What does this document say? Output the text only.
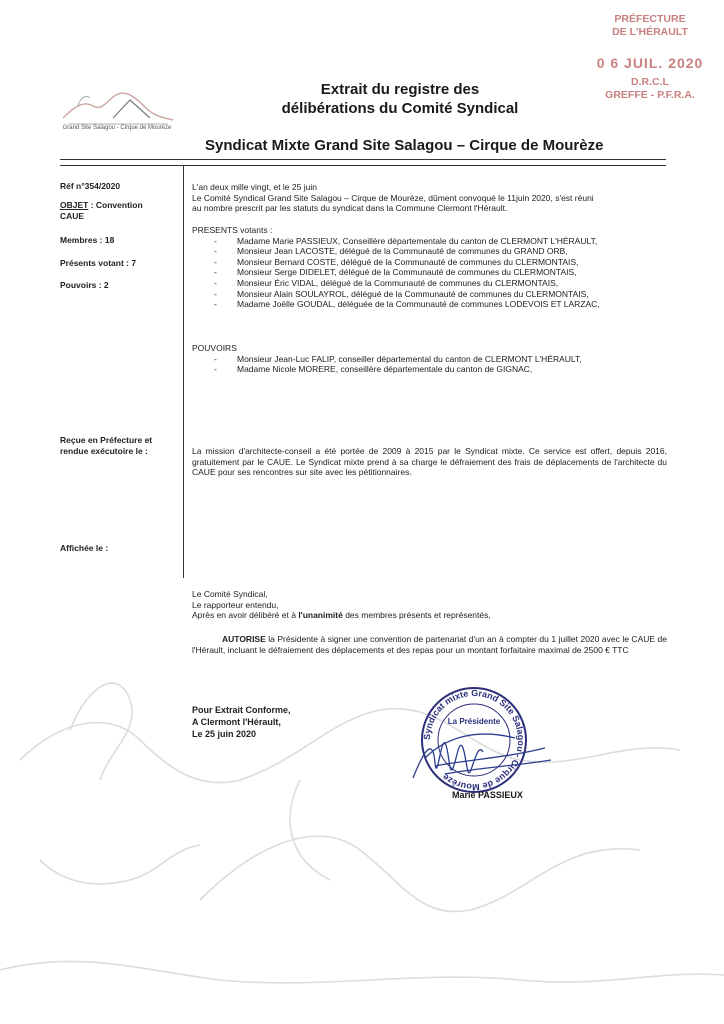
Grand Site Salagou - Cirque de Mourèze
Extrait du registre des
délibérations du Comité Syndical
PRÉFECTURE
DE L'HÉRAULT
0 6 JUIL. 2020
D.R.C.L
GREFFE - P.F.R.A.
Syndicat Mixte Grand Site Salagou – Cirque de Mourèze
Réf n°354/2020
OBJET : Convention
CAUE
Membres : 18
Présents votant : 7
Pouvoirs : 2
Reçue en Préfecture et
rendue exécutoire le :
Affichée le :
L'an deux mille vingt, et le 25 juin
Le Comité Syndical Grand Site Salagou – Cirque de Mourèze, dûment convoqué le 11juin 2020, s'est réuni
au nombre prescrit par les statuts du syndicat dans la Commune Clermont l'Hérault.
PRESENTS votants :
- Madame Marie PASSIEUX, Conseillère départementale du canton de CLERMONT L'HÉRAULT,
- Monsieur Jean LACOSTE, délégué de la Communauté de communes du GRAND ORB,
- Monsieur Bernard COSTE, délégué de la Communauté de communes du CLERMONTAIS,
- Monsieur Serge DIDELET, délégué de la Communauté de communes du CLERMONTAIS,
- Monsieur Éric VIDAL, délégué de la Communauté de communes du CLERMONTAIS,
- Monsieur Alain SOULAYROL, délégué de la Communauté de communes du CLERMONTAIS,
- Madame Joëlle GOUDAL, déléguée de la Communauté de communes LODEVOIS ET LARZAC,
POUVOIRS
- Monsieur Jean-Luc FALIP, conseiller départemental du canton de CLERMONT L'HÉRAULT,
- Madame Nicole MORERE, conseillère départementale du canton de GIGNAC,
La mission d'architecte-conseil a été portée de 2009 à 2015 par le Syndicat mixte. Ce service est offert, depuis 2016, gratuitement par le CAUE. Le Syndicat mixte prend à sa charge le défraiement des frais de déplacements de l'architecte du CAUE pour ses rencontres sur site avec les pétitionnaires.
Le Comité Syndical,
Le rapporteur entendu,
Après en avoir délibéré et à l'unanimité des membres présents et représentés,
AUTORISE la Présidente à signer une convention de partenariat d'un an à compter du 1 juillet 2020 avec le CAUE de l'Hérault, incluant le défraiement des déplacements et des repas pour un montant forfaitaire maximal de 2500 € TTC
Pour Extrait Conforme,
A Clermont l'Hérault,
Le 25 juin 2020	Syndicat mixte Grand Site Salagou - Cirque de Mourèze
La Présidente
Marie PASSIEUX
